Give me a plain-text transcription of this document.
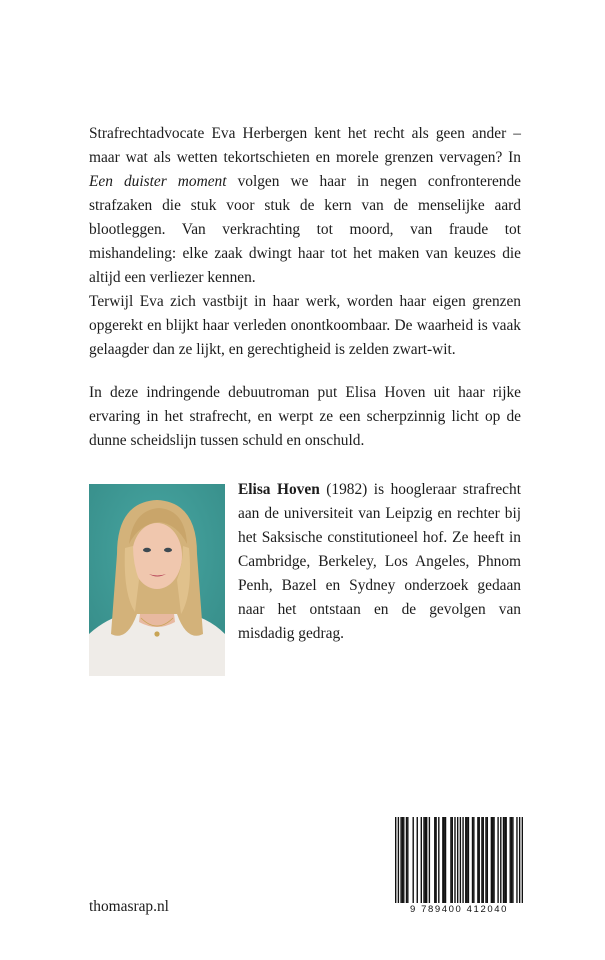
Strafrechtadvocate Eva Herbergen kent het recht als geen ander – maar wat als wetten tekortschieten en morele grenzen vervagen? In Een duister moment volgen we haar in negen confronterende strafzaken die stuk voor stuk de kern van de menselijke aard blootleggen. Van verkrachting tot moord, van fraude tot mishandeling: elke zaak dwingt haar tot het maken van keuzes die altijd een verliezer kennen.

Terwijl Eva zich vastbijt in haar werk, worden haar eigen grenzen opgerekt en blijkt haar verleden onontkoombaar. De waarheid is vaak gelaagder dan ze lijkt, en gerechtigheid is zelden zwart-wit.

In deze indringende debuutroman put Elisa Hoven uit haar rijke ervaring in het strafrecht, en werpt ze een scherpzinnig licht op de dunne scheidslijn tussen schuld en onschuld.

Elisa Hoven (1982) is hoogleraar strafrecht aan de universiteit van Leipzig en rechter bij het Saksische constitutioneel hof. Ze heeft in Cambridge, Berkeley, Los Angeles, Phnom Penh, Bazel en Sydney onderzoek gedaan naar het ontstaan en de gevolgen van misdadig gedrag.

thomasrap.nl	9 789400 412040
